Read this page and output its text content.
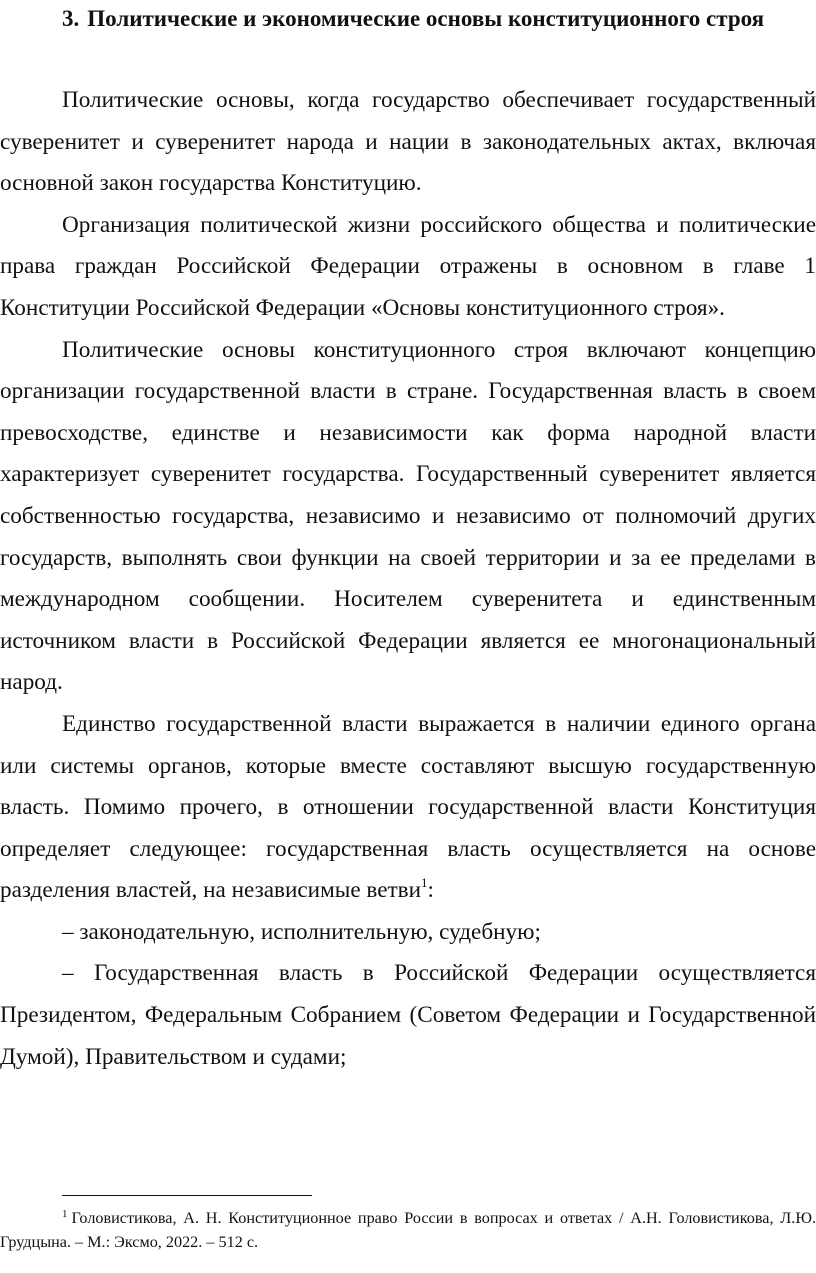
3. Политические и экономические основы конституционного строя

Политические основы, когда государство обеспечивает государственный суверенитет и суверенитет народа и нации в законодательных актах, включая основной закон государства Конституцию.

Организация политической жизни российского общества и политические права граждан Российской Федерации отражены в основном в главе 1 Конституции Российской Федерации «Основы конституционного строя».

Политические основы конституционного строя включают концепцию организации государственной власти в стране. Государственная власть в своем превосходстве, единстве и независимости как форма народной власти характеризует суверенитет государства. Государственный суверенитет является собственностью государства, независимо и независимо от полномочий других государств, выполнять свои функции на своей территории и за ее пределами в международном сообщении. Носителем суверенитета и единственным источником власти в Российской Федерации является ее многонациональный народ.

Единство государственной власти выражается в наличии единого органа или системы органов, которые вместе составляют высшую государственную власть. Помимо прочего, в отношении государственной власти Конституция определяет следующее: государственная власть осуществляется на основе разделения властей, на независимые ветви$^1$:

– законодательную, исполнительную, судебную;

– Государственная власть в Российской Федерации осуществляется Президентом, Федеральным Собранием (Советом Федерации и Государственной Думой), Правительством и судами;

$^1$ Головистикова, А. Н. Конституционное право России в вопросах и ответах / А.Н. Головистикова, Л.Ю. Грудцына. – М.: Эксмо, 2022. – 512 с.
